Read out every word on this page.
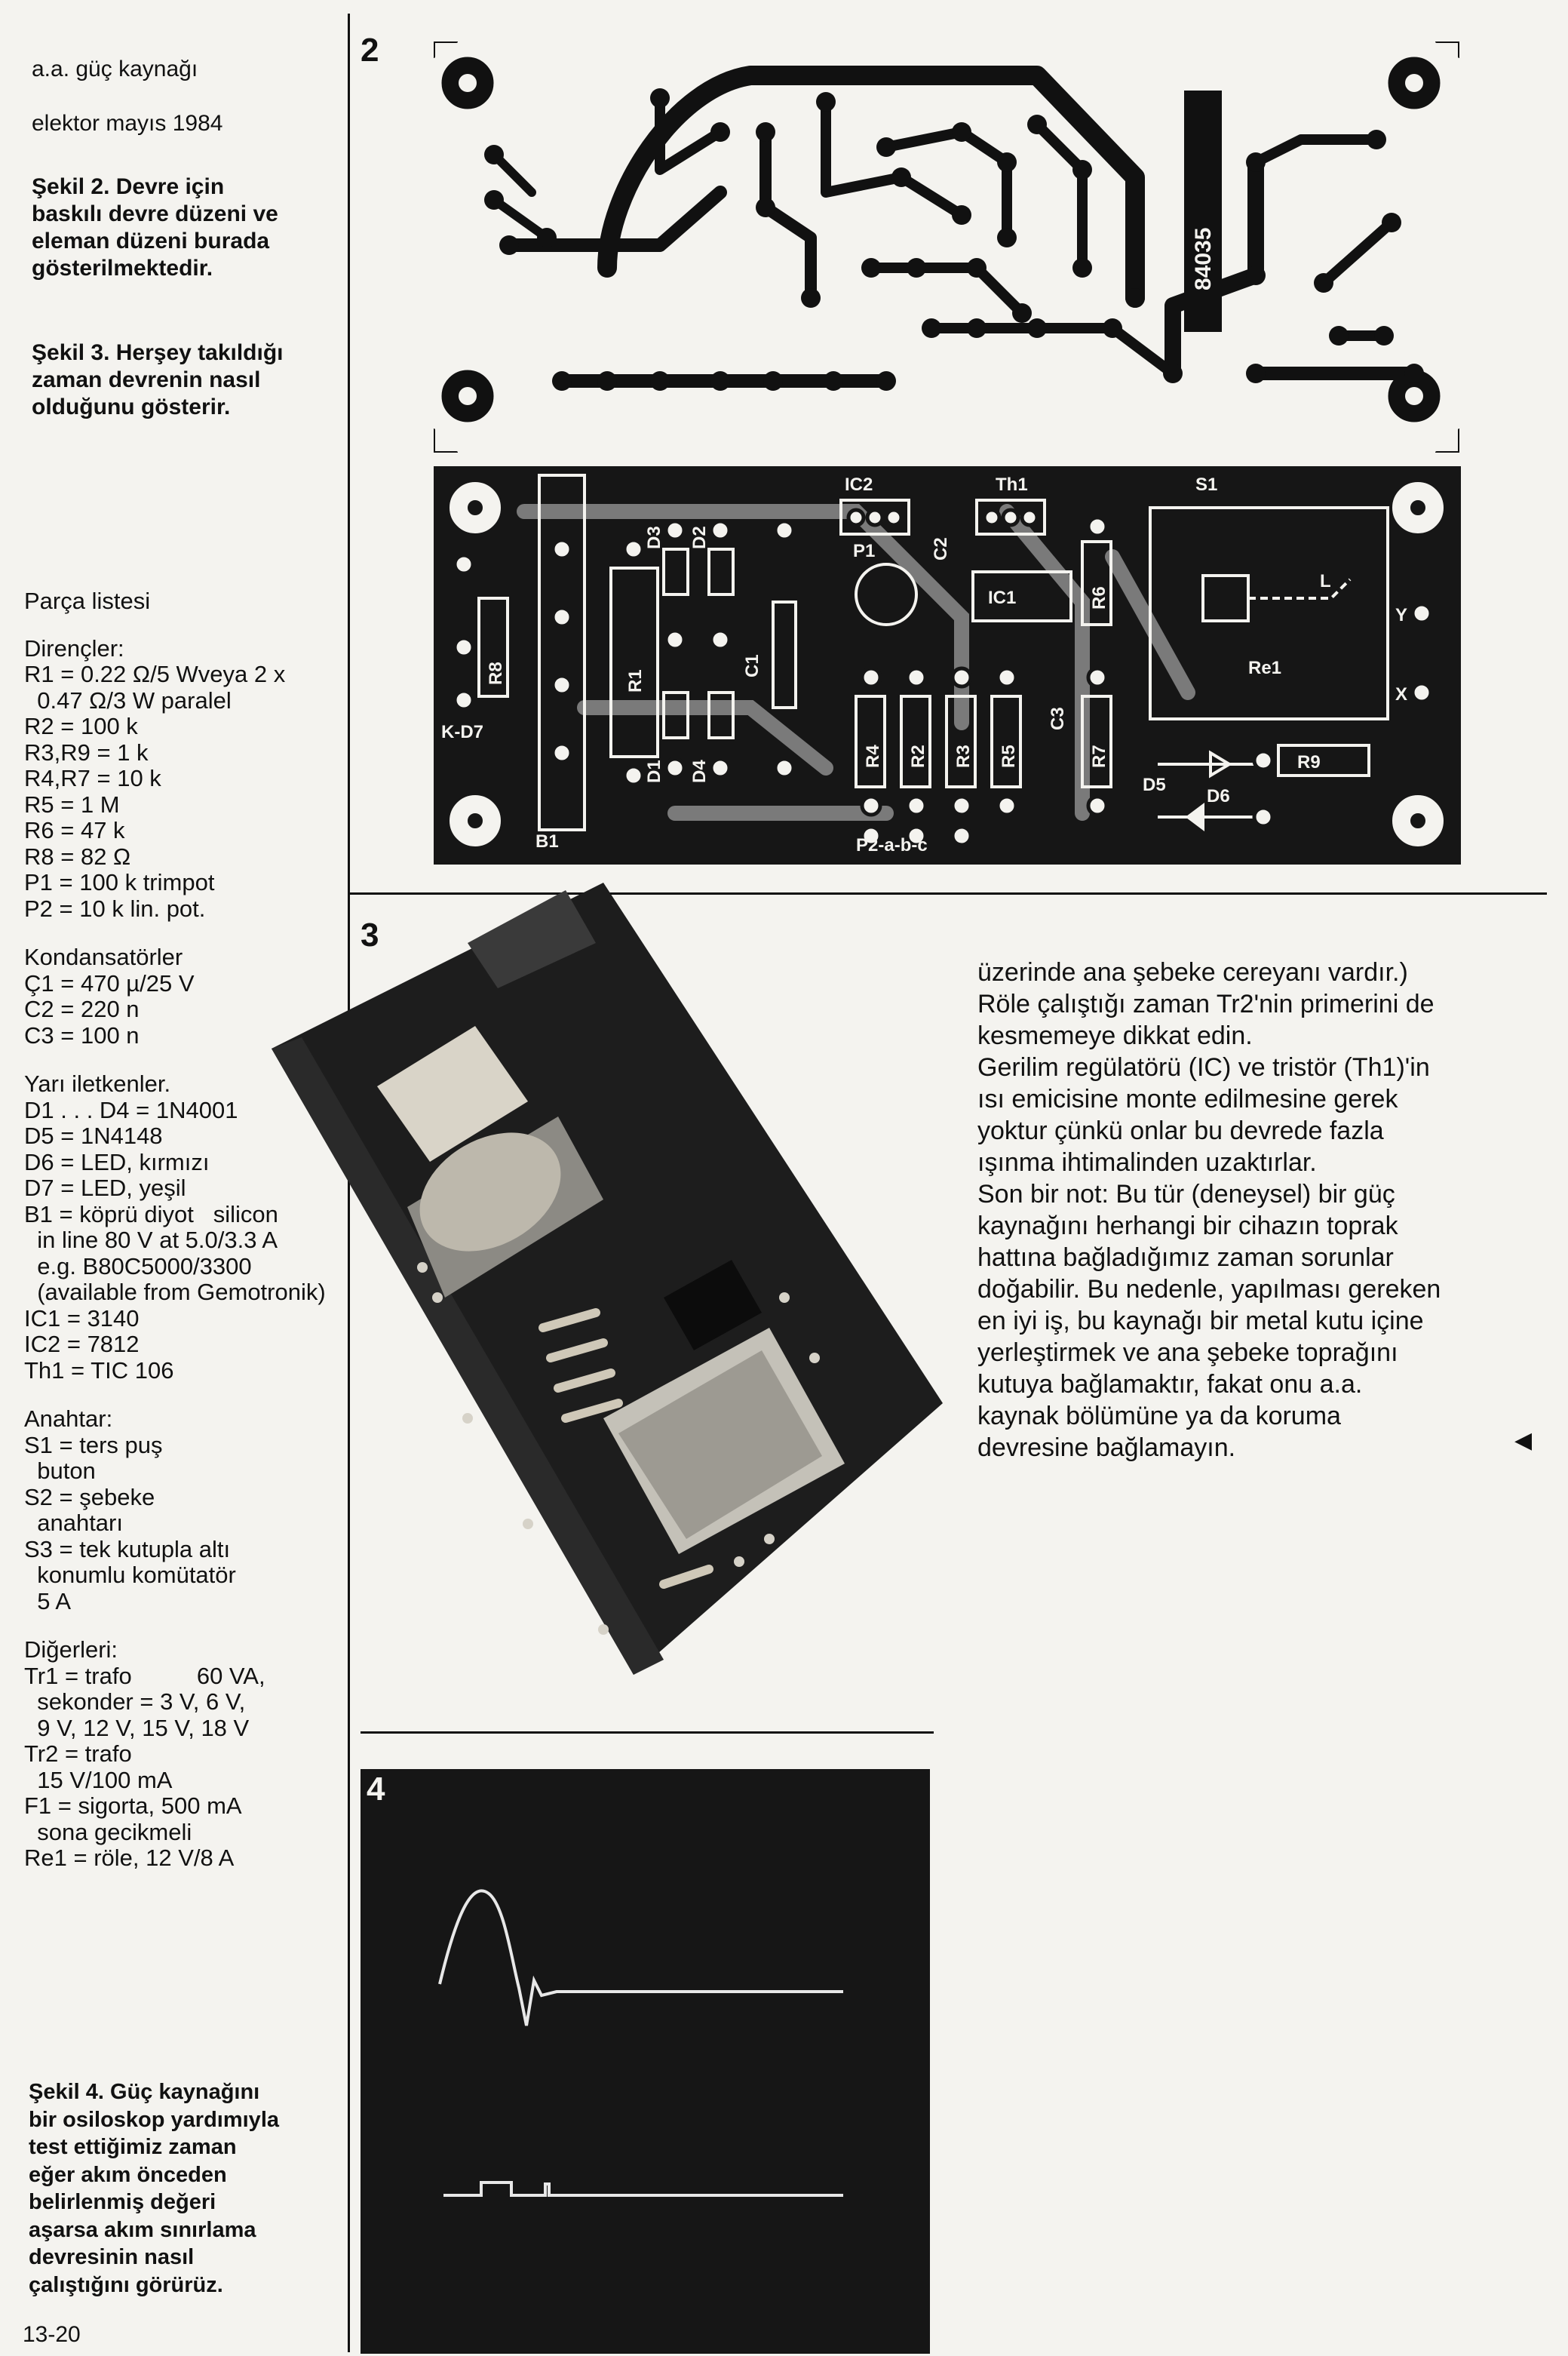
a.a. güç kaynağı

elektor mayıs 1984

Şekil 2. Devre için
baskılı devre düzeni ve
eleman düzeni burada
gösterilmektedir.
Şekil 3. Herşey takıldığı
zaman devrenin nasıl
olduğunu gösterir.
Şekil 4. Güç kaynağını
bir osiloskop yardımıyla
test ettiğimiz zaman
eğer akım önceden
belirlenmiş değeri
aşarsa akım sınırlama
devresinin nasıl
çalıştığını görürüz.
Parça listesi
Dirençler:
R1 = 0.22 Ω/5 Wveya 2 x
0.47 Ω/3 W paralel
R2 = 100 k
R3,R9 = 1 k
R4,R7 = 10 k
R5 = 1 M
R6 = 47 k
R8 = 82 Ω
P1 = 100 k trimpot
P2 = 10 k lin. pot.
Kondansatörler
Ç1 = 470 µ/25 V
C2 = 220 n
C3 = 100 n
Yarı iletkenler.
D1 . . . D4 = 1N4001
D5 = 1N4148
D6 = LED, kırmızı
D7 = LED, yeşil
B1 = köprü diyot   silicon
in line 80 V at 5.0/3.3 A
e.g. B80C5000/3300
(available from Gemotronik)
IC1 = 3140
IC2 = 7812
Th1 = TIC 106
Anahtar:
S1 = ters puş
buton
S2 = şebeke
anahtarı
S3 = tek kutupla altı
konumlu komütatör
5 A
Diğerleri:
Tr1 = trafo          60 VA,
sekonder = 3 V, 6 V,
9 V, 12 V, 15 V, 18 V
Tr2 = trafo
15 V/100 mA
F1 = sigorta, 500 mA
sona gecikmeli
Re1 = röle, 12 V/8 A
2
84035
IC2	Th1	S1
P1	C2
IC1	R6
Re1
L
Y
X
R8	R1
D3 D2
C1
K-D7
R4 R2 R3 R5
C3
R7
D1 D4
B1	P2-a-b-c
D5
D6
R9
3
4
üzerinde ana şebeke cereyanı vardır.)
Röle çalıştığı zaman Tr2'nin primerini de
kesmemeye dikkat edin.
Gerilim regülatörü (IC) ve tristör (Th1)'in
ısı emicisine monte edilmesine gerek
yoktur çünkü onlar bu devrede fazla
ışınma ihtimalinden uzaktırlar.
Son bir not: Bu tür (deneysel) bir güç
kaynağını herhangi bir cihazın toprak
hattına bağladığımız zaman sorunlar
doğabilir. Bu nedenle, yapılması gereken
en iyi iş, bu kaynağı bir metal kutu içine
yerleştirmek ve ana şebeke toprağını
kutuya bağlamaktır, fakat onu a.a.
kaynak bölümüne ya da koruma
devresine bağlamayın.	◀
13-20
